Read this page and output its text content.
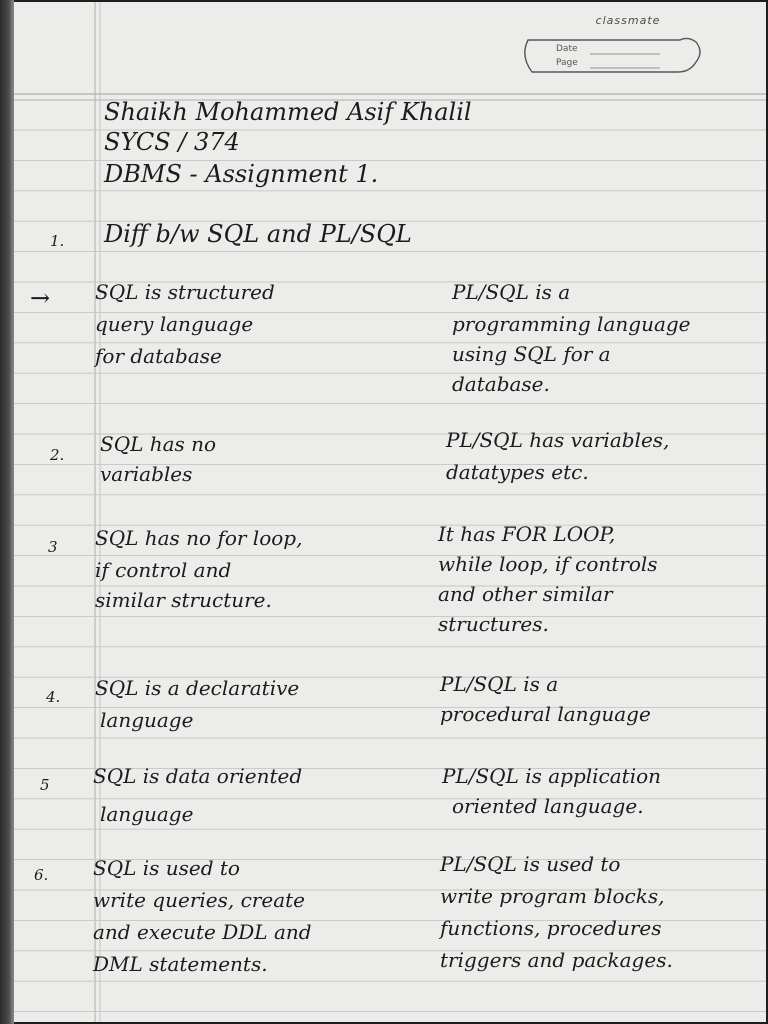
classmate
Date
Page
Shaikh Mohammed Asif Khalil
SYCS / 374
DBMS - Assignment 1.
1. Diff b/w SQL and PL/SQL
→ SQL is structured
query language
for database
PL/SQL is a
programming language
using SQL for a
database.
2. SQL has no
variables
PL/SQL has variables,
datatypes etc.
3 SQL has no for loop,
if control and
similar structure.
It has FOR LOOP,
while loop, if controls
and other similar
structures.
4. SQL is a declarative
language
PL/SQL is a
procedural language
5 SQL is data oriented
language
PL/SQL is application
oriented language.
6. SQL is used to
write queries, create
and execute DDL and
DML statements.
PL/SQL is used to
write program blocks,
functions, procedures
triggers and packages.
